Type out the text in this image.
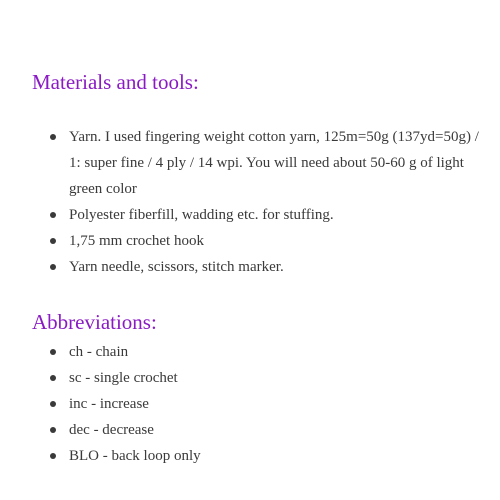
Materials and tools:
Yarn. I used fingering weight cotton yarn, 125m=50g (137yd=50g) / 1: super fine / 4 ply / 14 wpi. You will need about 50-60 g of light green color
Polyester fiberfill, wadding etc. for stuffing.
1,75 mm crochet hook
Yarn needle, scissors, stitch marker.
Abbreviations:
ch - chain
sc - single crochet
inc - increase
dec - decrease
BLO - back loop only
